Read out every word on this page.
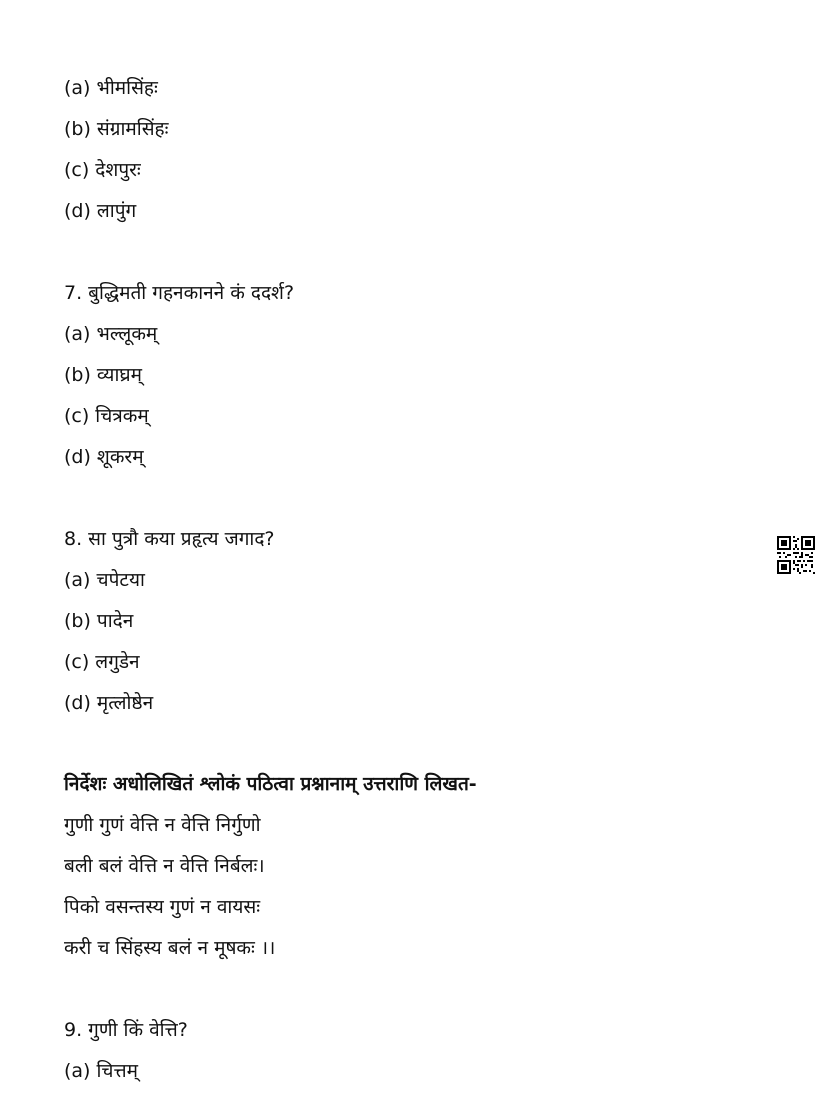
(a) भीमसिंहः
(b) संग्रामसिंहः
(c) देशपुरः
(d) लापुंग
7. बुद्धिमती गहनकानने कं ददर्श?
(a) भल्लूकम्
(b) व्याघ्रम्
(c) चित्रकम्
(d) शूकरम्
8. सा पुत्रौ कया प्रहृत्य जगाद?
(a) चपेटया
(b) पादेन
(c) लगुडेन
(d) मृत्लोष्ठेन
निर्देशः अधोलिखितं श्लोकं पठित्वा प्रश्नानाम् उत्तराणि लिखत-
गुणी गुणं वेत्ति न वेत्ति निर्गुणो
बली बलं वेत्ति न वेत्ति निर्बलः।
पिको वसन्तस्य गुणं न वायसः
करी च सिंहस्य बलं न मूषकः ।।
9. गुणी किं वेत्ति?
(a) चित्तम्
